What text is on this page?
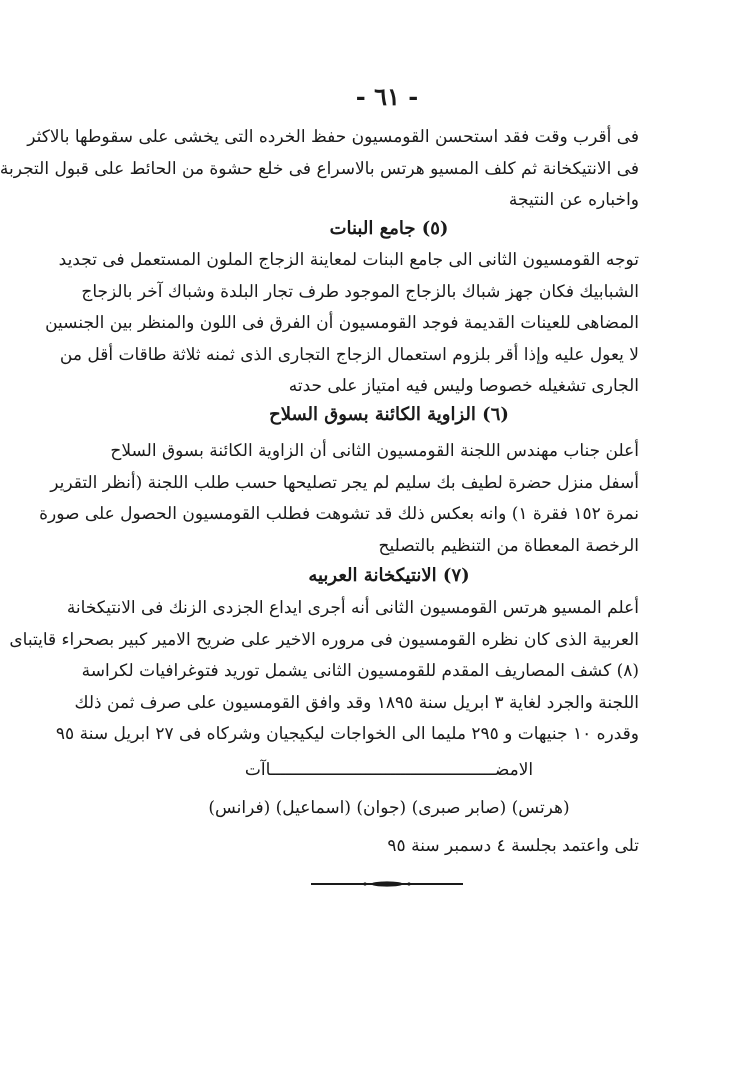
- ٦١ -
فى أقرب وقت فقد استحسن القومسيون حفظ الخرده التى يخشى على سقوطها بالاكثر
فى الانتيكخانة ثم كلف المسيو هرتس بالاسراع فى خلع حشوة من الحائط على قبول التجربة
واخباره عن النتيجة
(٥) جامع البنات
توجه القومسيون الثانى الى جامع البنات لمعاينة الزجاج الملون المستعمل فى تجديد
الشبابيك فكان جهز شباك بالزجاج الموجود طرف تجار البلدة وشباك آخر بالزجاج
المضاهى للعينات القديمة فوجد القومسيون أن الفرق فى اللون والمنظر بين الجنسين
لا يعول عليه وإذا أقر بلزوم استعمال الزجاج التجارى الذى ثمنه ثلاثة طاقات أقل من
الجارى تشغيله خصوصا وليس فيه امتياز على حدته
(٦) الزاوية الكائنة بسوق السلاح
أعلن جناب مهندس اللجنة القومسيون الثانى أن الزاوية الكائنة بسوق السلاح
أسفل منزل حضرة لطيف بك سليم لم يجر تصليحها حسب طلب اللجنة (أنظر التقرير
نمرة ١٥٢ فقرة ١) وانه بعكس ذلك قد تشوهت فطلب القومسيون الحصول على صورة
الرخصة المعطاة من التنظيم بالتصليح
(٧) الانتيكخانة العربيه
أعلم المسيو هرتس القومسيون الثانى أنه أجرى ايداع الجزدى الزنك فى الانتيكخانة
العربية الذى كان نظره القومسيون فى مروره الاخير على ضريح الامير كبير بصحراء قايتباى
(٨) كشف المصاريف المقدم للقومسيون الثانى يشمل توريد فتوغرافيات لكراسة
اللجنة والجرد لغاية ٣ ابريل سنة ١٨٩٥ وقد وافق القومسيون على صرف ثمن ذلك
وقدره ١٠ جنيهات و ٢٩٥ مليما الى الخواجات ليكيجيان وشركاه فى ٢٧ ابريل سنة ٩٥
الامضـــــــــــــــــــــــــــــــــــــــــــــاآت
(هرتس) (صابر صبرى) (جوان) (اسماعيل) (فرانس)
تلى واعتمد بجلسة ٤ دسمبر سنة ٩٥
